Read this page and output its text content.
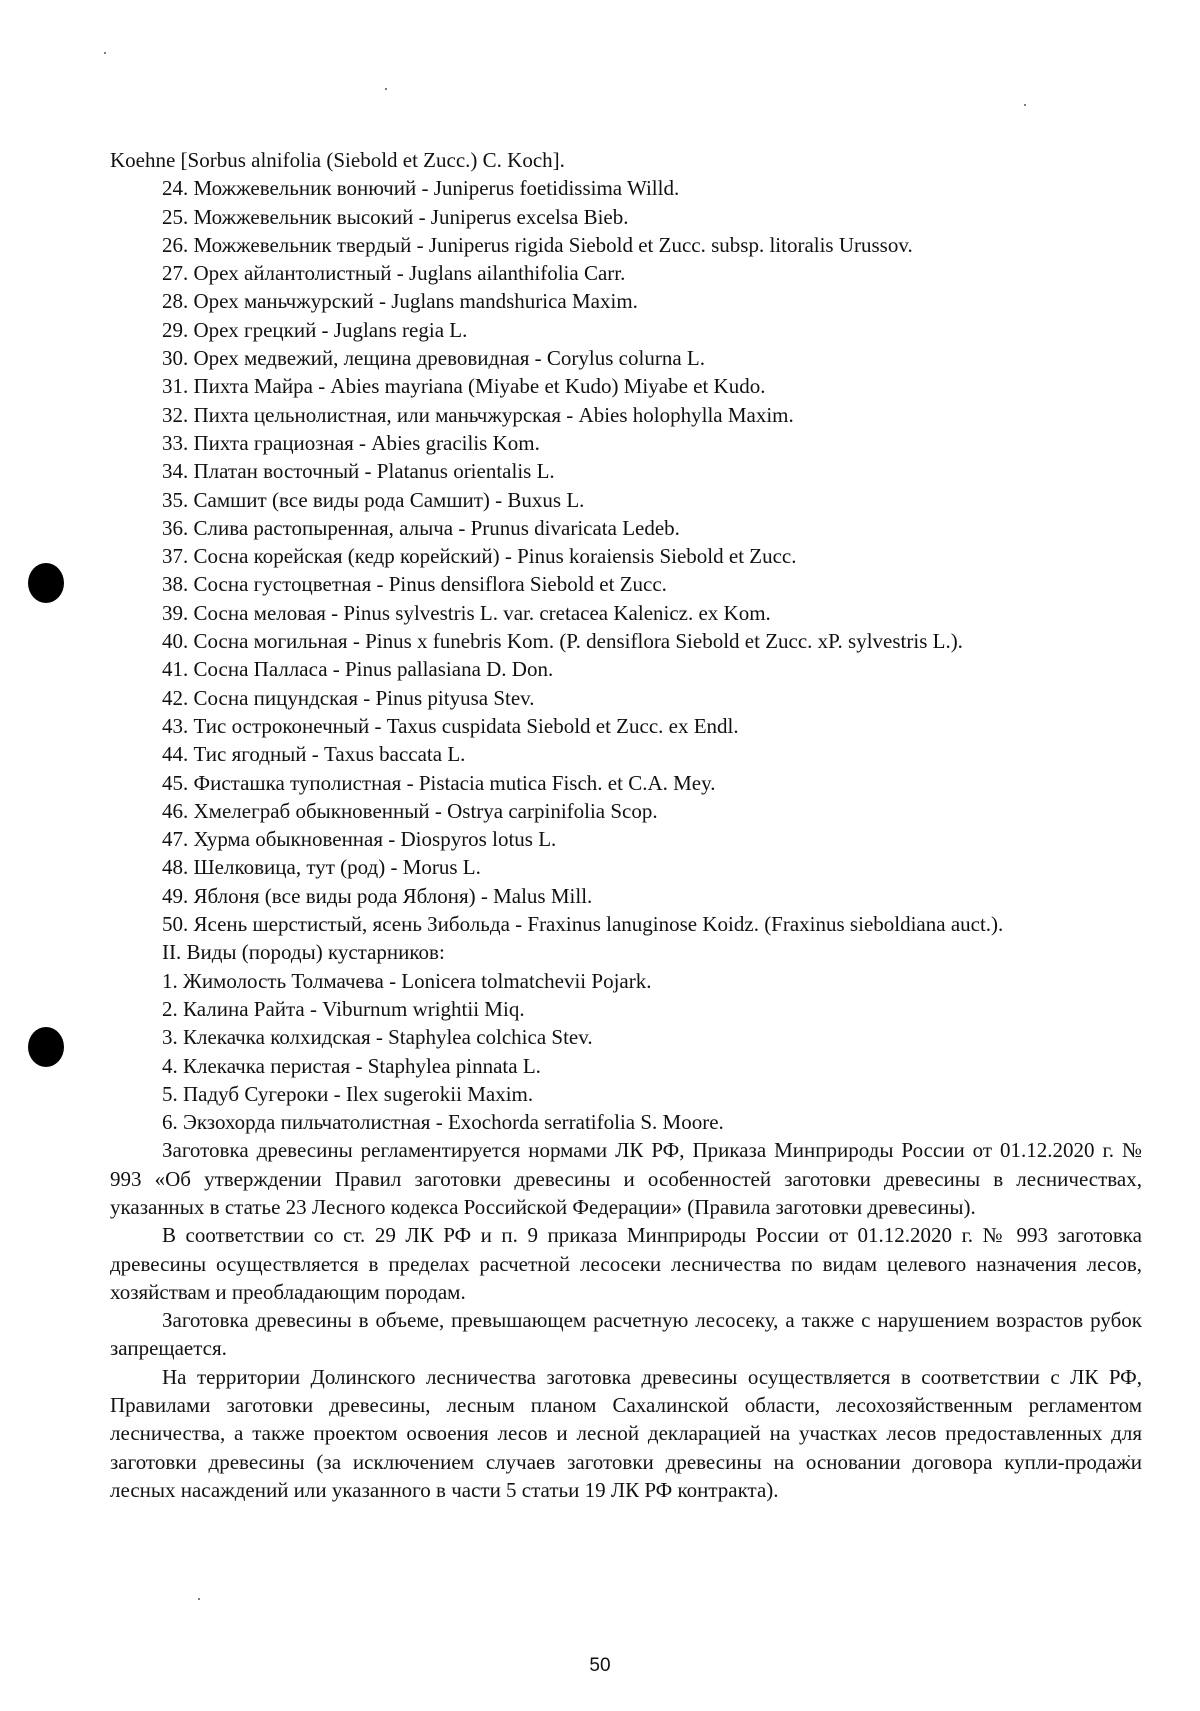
Koehne [Sorbus alnifolia (Siebold et Zucc.) C. Koch].

24. Можжевельник вонючий - Juniperus foetidissima Willd.
25. Можжевельник высокий - Juniperus excelsa Bieb.
26. Можжевельник твердый - Juniperus rigida Siebold et Zucc. subsp. litoralis Urussov.
27. Орех айлантолистный - Juglans ailanthifolia Carr.
28. Орех маньчжурский - Juglans mandshurica Maxim.
29. Орех грецкий - Juglans regia L.
30. Орех медвежий, лещина древовидная - Corylus colurna L.
31. Пихта Майра - Abies mayriana (Miyabe et Kudo) Miyabe et Kudo.
32. Пихта цельнолистная, или маньчжурская - Abies holophylla Maxim.
33. Пихта грациозная - Abies gracilis Kom.
34. Платан восточный - Platanus orientalis L.
35. Самшит (все виды рода Самшит) - Buxus L.
36. Слива растопыренная, алыча - Prunus divaricata Ledeb.
37. Сосна корейская (кедр корейский) - Pinus koraiensis Siebold et Zucc.
38. Сосна густоцветная - Pinus densiflora Siebold et Zucc.
39. Сосна меловая - Pinus sylvestris L. var. cretacea Kalenicz. ex Kom.
40. Сосна могильная - Pinus x funebris Kom. (P. densiflora Siebold et Zucc. xP. sylvestris L.).
41. Сосна Палласа - Pinus pallasiana D. Don.
42. Сосна пицундская - Pinus pityusa Stev.
43. Тис остроконечный - Taxus cuspidata Siebold et Zucc. ex Endl.
44. Тис ягодный - Taxus baccata L.
45. Фисташка туполистная - Pistacia mutica Fisch. et C.A. Mey.
46. Хмелеграб обыкновенный - Ostrya carpinifolia Scop.
47. Хурма обыкновенная - Diospyros lotus L.
48. Шелковица, тут (род) - Morus L.
49. Яблоня (все виды рода Яблоня) - Malus Mill.
50. Ясень шерстистый, ясень Зибольда - Fraxinus lanuginose Koidz. (Fraxinus sieboldiana auct.).

II. Виды (породы) кустарников:

1. Жимолость Толмачева - Lonicera tolmatchevii Pojark.
2. Калина Райта - Viburnum wrightii Miq.
3. Клекачка колхидская - Staphylea colchica Stev.
4. Клекачка перистая - Staphylea pinnata L.
5. Падуб Сугероки - Ilex sugerokii Maxim.
6. Экзохорда пильчатолистная - Exochorda serratifolia S. Moore.

Заготовка древесины регламентируется нормами ЛК РФ, Приказа Минприроды России от 01.12.2020 г. № 993 «Об утверждении Правил заготовки древесины и особенностей заготовки древесины в лесничествах, указанных в статье 23 Лесного кодекса Российской Федерации» (Правила заготовки древесины).

В соответствии со ст. 29 ЛК РФ и п. 9 приказа Минприроды России от 01.12.2020 г. № 993 заготовка древесины осуществляется в пределах расчетной лесосеки лесничества по видам целевого назначения лесов, хозяйствам и преобладающим породам.

Заготовка древесины в объеме, превышающем расчетную лесосеку, а также с нарушением возрастов рубок запрещается.

На территории Долинского лесничества заготовка древесины осуществляется в соответствии с ЛК РФ, Правилами заготовки древесины, лесным планом Сахалинской области, лесохозяйственным регламентом лесничества, а также проектом освоения лесов и лесной декларацией на участках лесов предоставленных для заготовки древесины (за исключением случаев заготовки древесины на основании договора купли-продажи лесных насаждений или указанного в части 5 статьи 19 ЛК РФ контракта).

50
